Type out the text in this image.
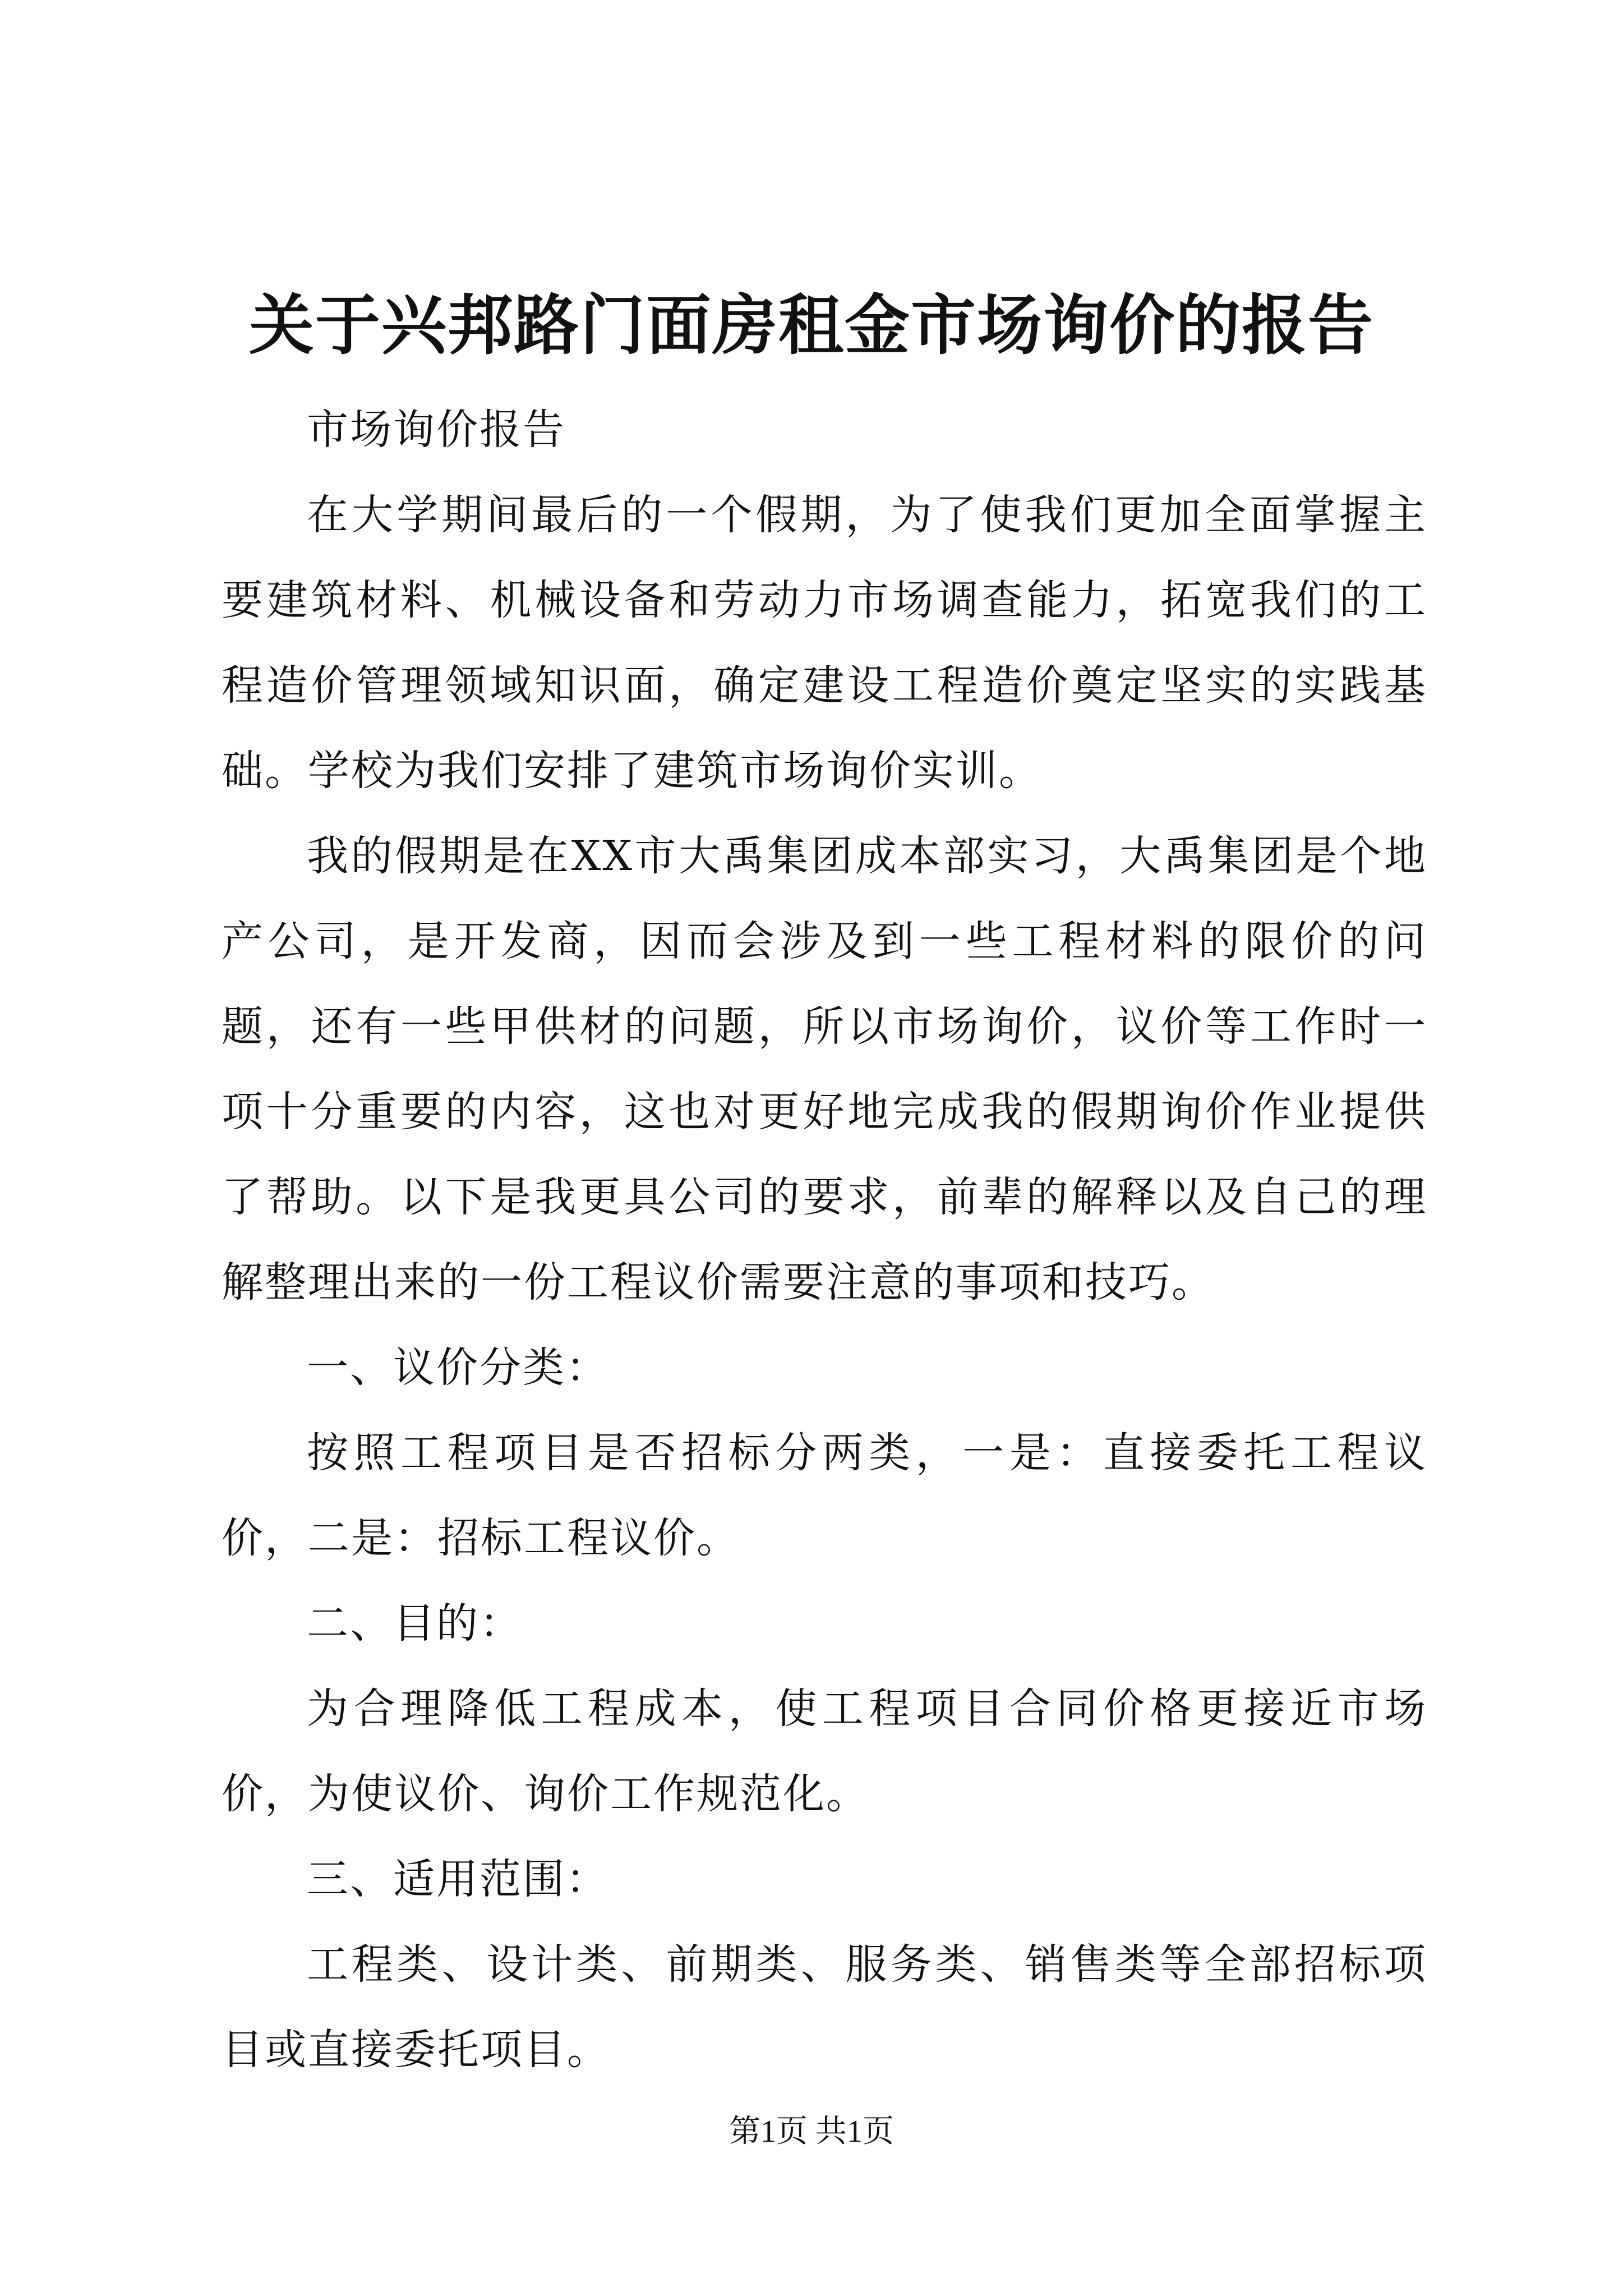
关于兴邦路门面房租金市场询价的报告

市场询价报告

在大学期间最后的一个假期，为了使我们更加全面掌握主要建筑材料、机械设备和劳动力市场调查能力，拓宽我们的工程造价管理领域知识面，确定建设工程造价奠定坚实的实践基础。学校为我们安排了建筑市场询价实训。

我的假期是在XX市大禹集团成本部实习，大禹集团是个地产公司，是开发商，因而会涉及到一些工程材料的限价的问题，还有一些甲供材的问题，所以市场询价，议价等工作时一项十分重要的内容，这也对更好地完成我的假期询价作业提供了帮助。以下是我更具公司的要求，前辈的解释以及自己的理解整理出来的一份工程议价需要注意的事项和技巧。

一、议价分类：

按照工程项目是否招标分两类，一是：直接委托工程议价，二是：招标工程议价。

二、目的：

为合理降低工程成本，使工程项目合同价格更接近市场价，为使议价、询价工作规范化。

三、适用范围：

工程类、设计类、前期类、服务类、销售类等全部招标项目或直接委托项目。

第1页 共1页
